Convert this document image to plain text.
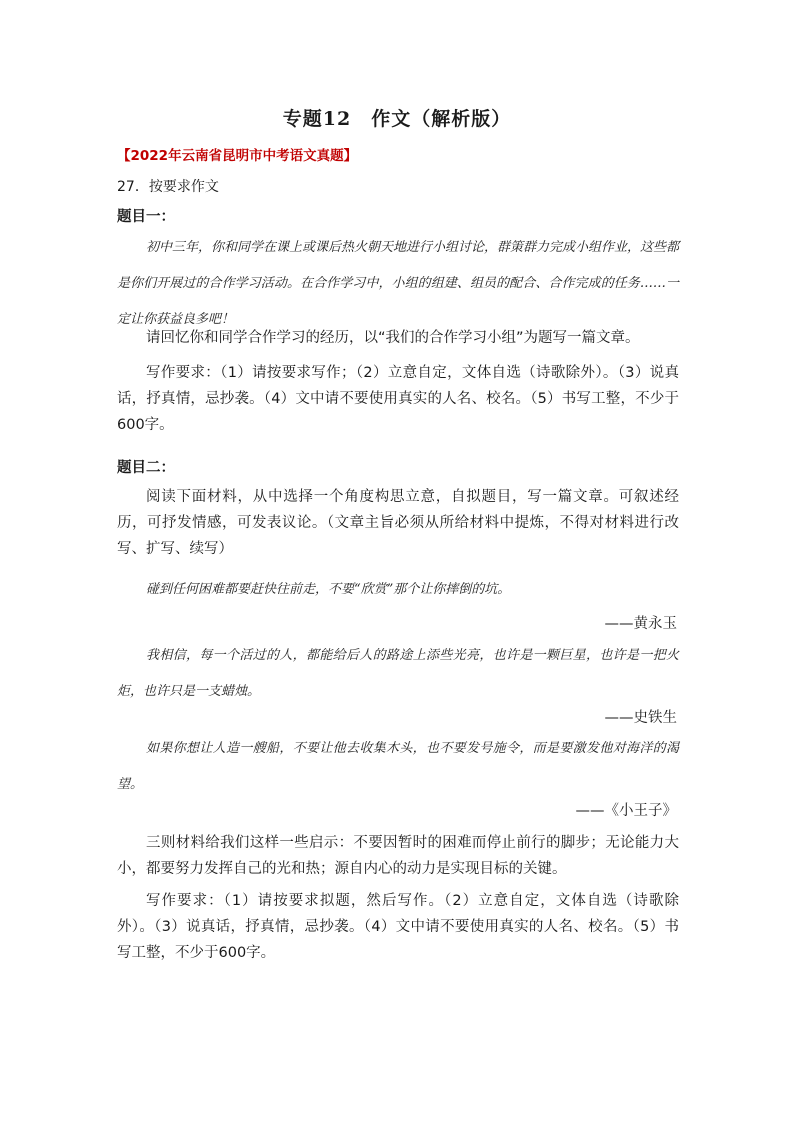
专题12　作文（解析版）
【2022年云南省昆明市中考语文真题】
27．按要求作文
题目一：

初中三年，你和同学在课上或课后热火朝天地进行小组讨论，群策群力完成小组作业，这些都是你们开展过的合作学习活动。在合作学习中，小组的组建、组员的配合、合作完成的任务……一定让你获益良多吧！

请回忆你和同学合作学习的经历，以“我们的合作学习小组”为题写一篇文章。

写作要求：（1）请按要求写作；（2）立意自定，文体自选（诗歌除外）。（3）说真话，抒真情，忌抄袭。（4）文中请不要使用真实的人名、校名。（5）书写工整，不少于600字。

题目二：

阅读下面材料，从中选择一个角度构思立意，自拟题目，写一篇文章。可叙述经历，可抒发情感，可发表议论。（文章主旨必须从所给材料中提炼，不得对材料进行改写、扩写、续写）

碰到任何困难都要赶快往前走，不要“欣赏”那个让你摔倒的坑。

——黄永玉

我相信，每一个活过的人，都能给后人的路途上添些光亮，也许是一颗巨星，也许是一把火炬，也许只是一支蜡烛。

——史铁生

如果你想让人造一艘船，不要让他去收集木头，也不要发号施令，而是要激发他对海洋的渴望。

——《小王子》

三则材料给我们这样一些启示：不要因暂时的困难而停止前行的脚步；无论能力大小，都要努力发挥自己的光和热；源自内心的动力是实现目标的关键。

写作要求：（1）请按要求拟题，然后写作。（2）立意自定，文体自选（诗歌除外）。（3）说真话，抒真情，忌抄袭。（4）文中请不要使用真实的人名、校名。（5）书写工整，不少于600字。
